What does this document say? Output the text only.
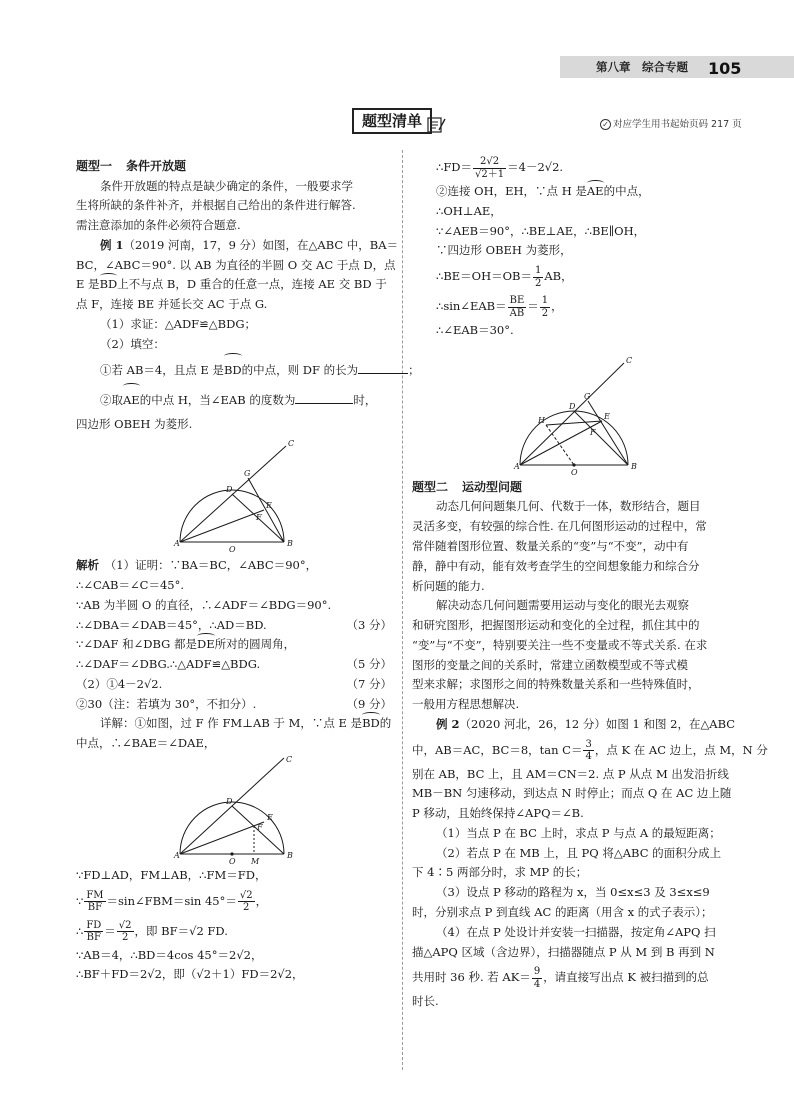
第八章　综合专题 105
题型清单	✓ 对应学生用书起始页码 217 页

题型一 条件开放题

条件开放题的特点是缺少确定的条件，一般要求学

生将所缺的条件补齐，并根据自己给出的条件进行解答.

需注意添加的条件必须符合题意.

例 1（2019 河南，17，9 分）如图，在△ABC 中，BA＝

BC，∠ABC＝90°. 以 AB 为直径的半圆 O 交 AC 于点 D，点

E 是BD上不与点 B，D 重合的任意一点，连接 AE 交 BD 于

点 F，连接 BE 并延长交 AC 于点 G.

（1）求证：△ADF≌△BDG；

（2）填空：

①若 AB＝4，且点 E 是BD的中点，则 DF 的长为	；

②取AE的中点 H，当∠EAB 的度数为	时，

四边形 OBEH 为菱形.

A	B
C
D
E
F
G
O

解析　 （1）证明：∵BA＝BC，∠ABC＝90°，

∴∠CAB＝∠C＝45°.

∵AB 为半圆 O 的直径，∴∠ADF＝∠BDG＝90°.

∴∠DBA＝∠DAB＝45°，∴AD＝BD.	（3 分）

∵∠DAF 和∠DBG 都是DE所对的圆周角，

∴∠DAF＝∠DBG.∴△ADF≌△BDG.	（5 分）

（2）①4－2√2.	（7 分）

②30（注：若填为 30°，不扣分）.	（9 分）

详解：①如图，过 F 作 FM⊥AB 于 M，∵点 E 是BD的

中点，∴∠BAE＝∠DAE，

A	B
C
D
E
F
O M

∵FD⊥AD，FM⊥AB，∴FM＝FD，

∵ $\frac{FM}{BF}$ ＝sin∠FBM＝sin $45^\circ= \frac{√2}{2}$ ，

∴ $\frac{FD}{BF} = \frac{√2}{2}$ ，即 BF＝√2 FD.

∵AB＝4，∴BD＝4cos 45°＝2√2，

∴BF＋FD＝2√2，即（√2＋1）FD＝2√2，

∴FD＝ $\frac{2√2}{√2+1} =4-2√2$.

②连接 OH，EH，∵点 H 是AE的中点，

∴OH⊥AE，

∵∠AEB＝90°，∴BE⊥AE，∴BE∥OH，

∵四边形 OBEH 为菱形，

∴BE＝OH＝OB＝ $\frac{1}{2}$ AB，

∴sin∠EAB＝ $\frac{BE}{AB} = \frac{1}{2}$ ，

∴∠EAB＝30°.

A	B
C
D
E
F
G
H
O

题型二 运动型问题

动态几何问题集几何、代数于一体，数形结合，题目

灵活多变，有较强的综合性. 在几何图形运动的过程中，常

常伴随着图形位置、数量关系的“变”与“不变”，动中有

静，静中有动，能有效考查学生的空间想象能力和综合分

析问题的能力.

解决动态几何问题需要用运动与变化的眼光去观察

和研究图形，把握图形运动和变化的全过程，抓住其中的

“变”与“不变”，特别要关注一些不变量或不等式关系. 在求

图形的变量之间的关系时，常建立函数模型或不等式模

型来求解；求图形之间的特殊数量关系和一些特殊值时，

一般用方程思想解决.

例 2（2020 河北，26，12 分）如图 1 和图 2，在△ABC

中，AB＝AC，BC＝8，$\tan C= \frac{3}{4}$ ，点 K 在 AC 边上，点 M，N 分

别在 AB，BC 上，且 AM＝CN＝2. 点 P 从点 M 出发沿折线

MB－BN 匀速移动，到达点 N 时停止；而点 Q 在 AC 边上随

P 移动，且始终保持∠APQ＝∠B.

（1）当点 P 在 BC 上时，求点 P 与点 A 的最短距离；

（2）若点 P 在 MB 上，且 PQ 将△ABC 的面积分成上

下 4∶5 两部分时，求 MP 的长；

（3）设点 P 移动的路程为 x，当 0≤x≤3 及 3≤x≤9

时，分别求点 P 到直线 AC 的距离（用含 x 的式子表示）；

（4）在点 P 处设计并安装一扫描器，按定角∠APQ 扫

描△APQ 区域（含边界），扫描器随点 P 从 M 到 B 再到 N

共用时 36 秒. 若 $AK= \frac{9}{4}$ ，请直接写出点 K 被扫描到的总

时长.
